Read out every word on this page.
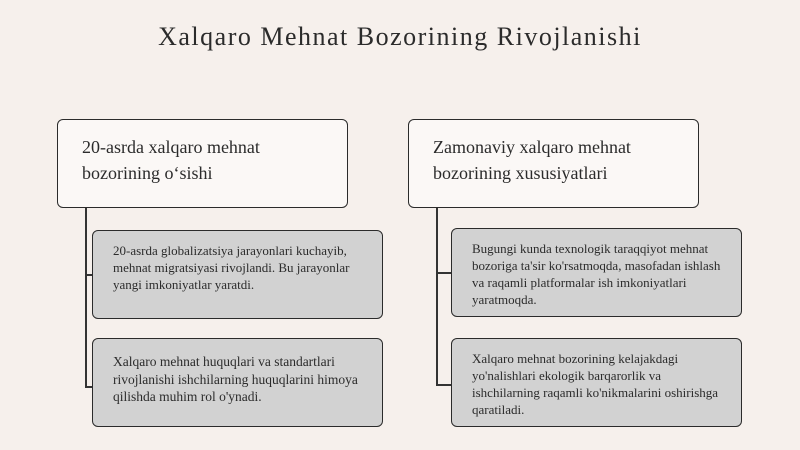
Xalqaro Mehnat Bozorining Rivojlanishi
20-asrda xalqaro mehnat bozorining o‘sishi
20-asrda globalizatsiya jarayonlari kuchayib, mehnat migratsiyasi rivojlandi. Bu jarayonlar yangi imkoniyatlar yaratdi.
Xalqaro mehnat huquqlari va standartlari rivojlanishi ishchilarning huquqlarini himoya qilishda muhim rol o'ynadi.
Zamonaviy xalqaro mehnat bozorining xususiyatlari
Bugungi kunda texnologik taraqqiyot mehnat bozoriga ta'sir ko'rsatmoqda, masofadan ishlash va raqamli platformalar ish imkoniyatlari yaratmoqda.
Xalqaro mehnat bozorining kelajakdagi yo'nalishlari ekologik barqarorlik va ishchilarning raqamli ko'nikmalarini oshirishga qaratiladi.
